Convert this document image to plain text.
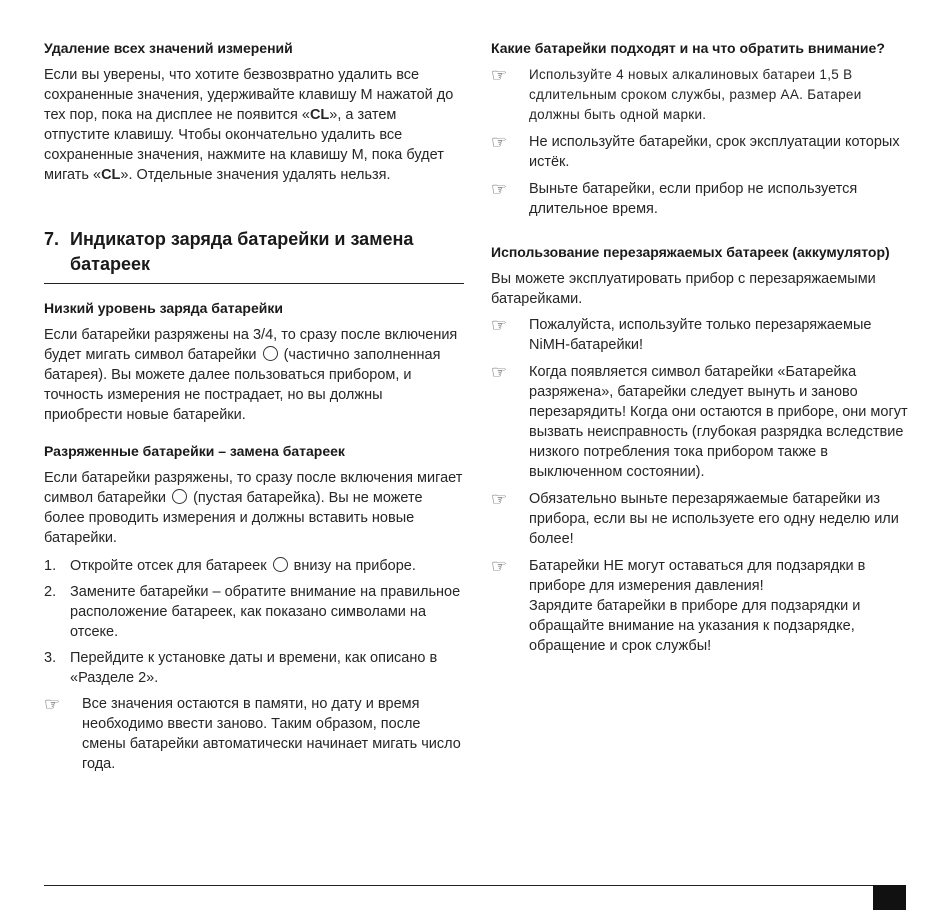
Удаление всех значений измерений

Если вы уверены, что хотите безвозвратно удалить все сохраненные значения, удерживайте клавишу M нажатой до тех пор, пока на дисплее не появится «CL», а затем отпустите клавишу. Чтобы окончательно удалить все сохраненные значения, нажмите на клавишу M, пока будет мигать «CL». Отдельные значения удалять нельзя.

7. Индикатор заряда батарейки и замена батареек
Низкий уровень заряда батарейки

Если батарейки разряжены на 3/4, то сразу после включения будет мигать символ батарейки (частично заполненная батарея). Вы можете далее пользоваться прибором, и точность измерения не пострадает, но вы должны приобрести новые батарейки.

Разряженные батарейки – замена батареек

Если батарейки разряжены, то сразу после включения мигает символ батарейки (пустая батарейка). Вы не можете более проводить измерения и должны вставить новые батарейки.

1. Откройте отсек для батареек внизу на приборе.
2. Замените батарейки – обратите внимание на правильное расположение батареек, как показано символами на отсеке.
3. Перейдите к установке даты и времени, как описано в «Разделе 2».
☞	Все значения остаются в памяти, но дату и время необходимо ввести заново. Таким образом, после смены батарейки автоматически начинает мигать число года.
Какие батарейки подходят и на что обратить внимание?
☞	Используйте 4 новых алкалиновых батареи 1,5 В сдлительным сроком службы, размер AA. Батареи должны быть одной марки.
☞	Не используйте батарейки, срок эксплуатации которых истёк.
☞	Выньте батарейки, если прибор не используется длительное время.
Использование перезаряжаемых батареек (аккумулятор)

Вы можете эксплуатировать прибор с перезаряжаемыми батарейками.

☞	Пожалуйста, используйте только перезаряжаемые NiMH-батарейки!
☞	Когда появляется символ батарейки «Батарейка разряжена», батарейки следует вынуть и заново перезарядить! Когда они остаются в приборе, они могут вызвать неисправность (глубокая разрядка вследствие низкого потребления тока прибором также в выключенном состоянии).
☞	Обязательно выньте перезаряжаемые батарейки из прибора, если вы не используете его одну неделю или более!
☞	Батарейки НЕ могут оставаться для подзарядки в приборе для измерения давления!
Зарядите батарейки в приборе для подзарядки и обращайте внимание на указания к подзарядке, обращение и срок службы!
